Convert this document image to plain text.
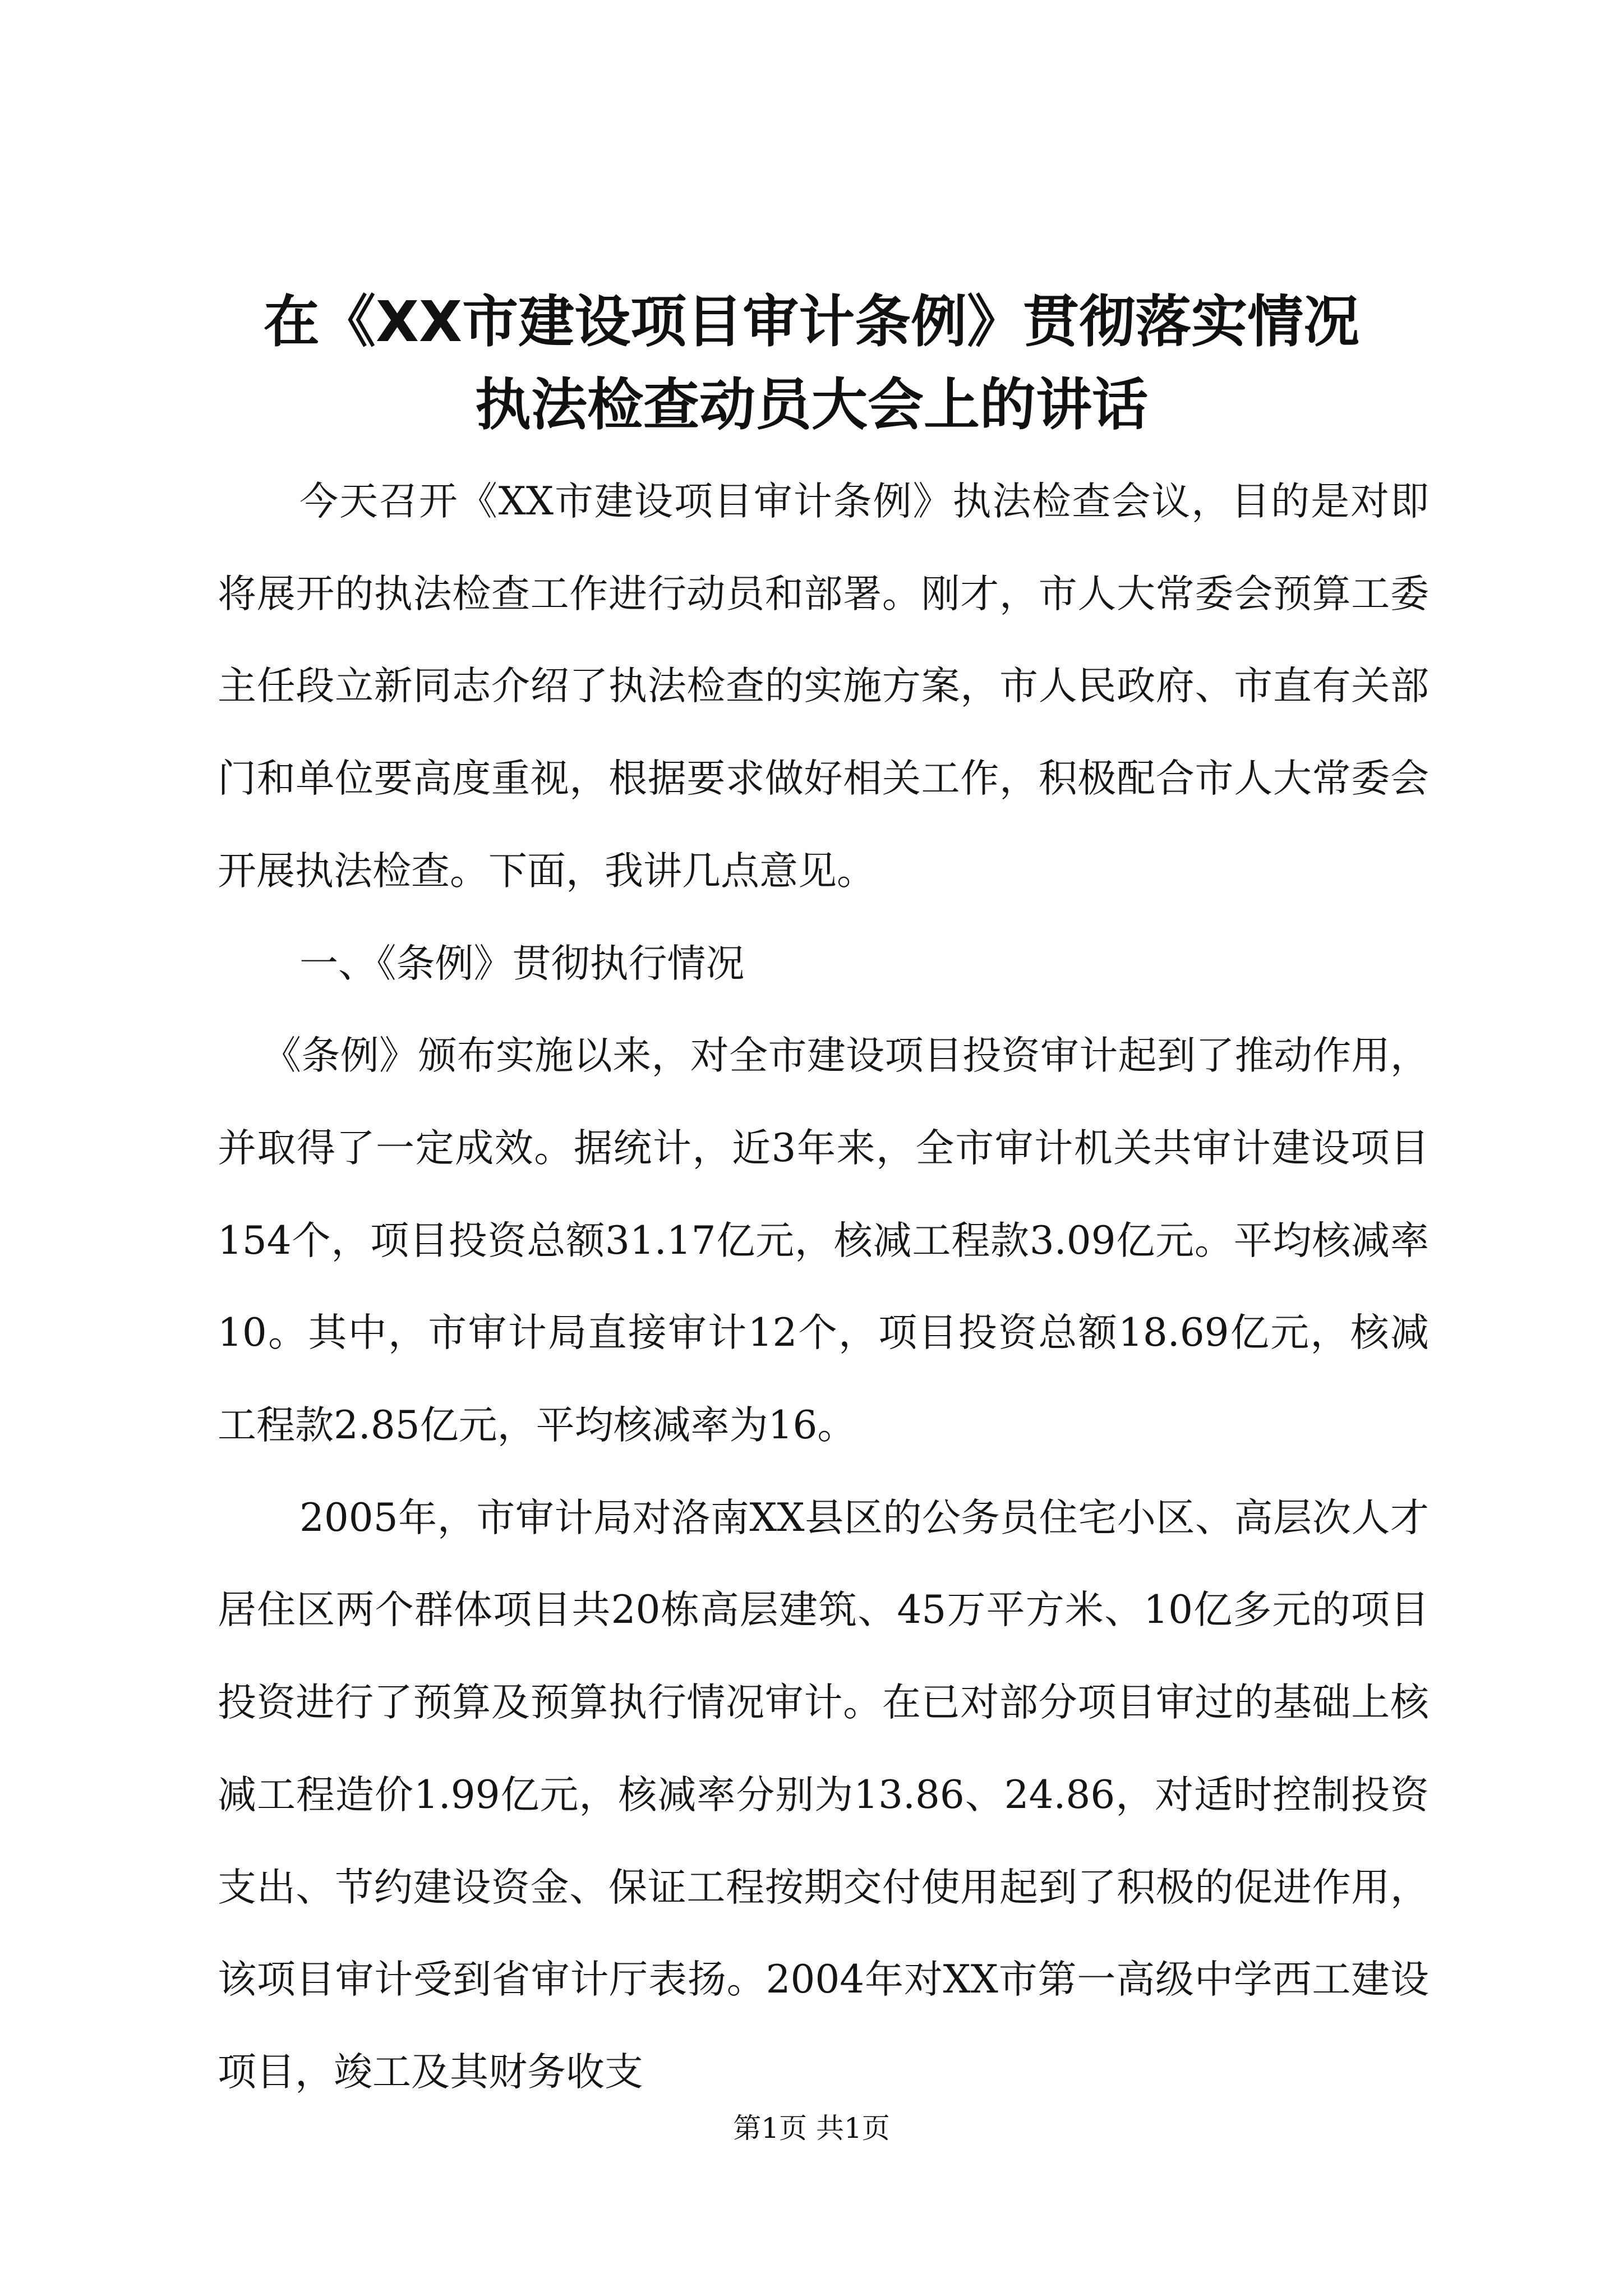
在《XX市建设项目审计条例》贯彻落实情况
执法检查动员大会上的讲话

今天召开《XX市建设项目审计条例》执法检查会议，目的是对即将展开的执法检查工作进行动员和部署。刚才，市人大常委会预算工委主任段立新同志介绍了执法检查的实施方案，市人民政府、市直有关部门和单位要高度重视，根据要求做好相关工作，积极配合市人大常委会开展执法检查。下面，我讲几点意见。

一、《条例》贯彻执行情况

《条例》颁布实施以来，对全市建设项目投资审计起到了推动作用，并取得了一定成效。据统计，近3年来，全市审计机关共审计建设项目154个，项目投资总额31.17亿元，核减工程款3.09亿元。平均核减率10。其中，市审计局直接审计12个，项目投资总额18.69亿元，核减工程款2.85亿元，平均核减率为16。

2005年，市审计局对洛南XX县区的公务员住宅小区、高层次人才居住区两个群体项目共20栋高层建筑、45万平方米、10亿多元的项目投资进行了预算及预算执行情况审计。在已对部分项目审过的基础上核减工程造价1.99亿元，核减率分别为13.86、24.86，对适时控制投资支出、节约建设资金、保证工程按期交付使用起到了积极的促进作用，该项目审计受到省审计厅表扬。2004年对XX市第一高级中学西工建设项目，竣工及其财务收支

第1页 共1页
